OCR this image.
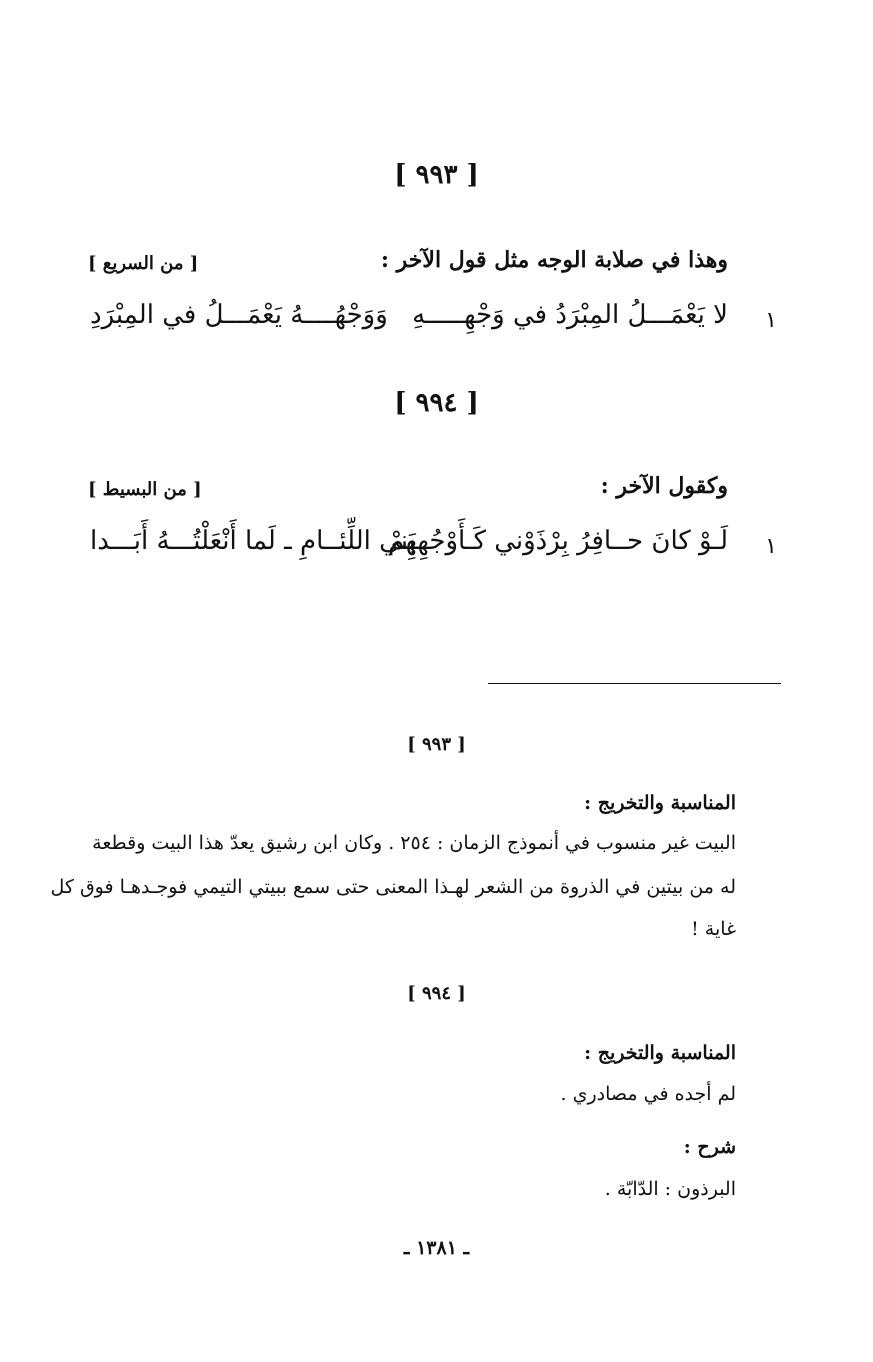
[ ٩٩٣ ]
وهذا في صلابة الوجه مثل قول الآخر :
[ من السريع ]
١
لا يَعْمَـــلُ المِبْرَدُ في وَجْهِـــــهِ
وَوَجْهُــــهُ يَعْمَـــلُ في المِبْرَدِ
[ ٩٩٤ ]
وكقول الآخر :
[ من البسيط ]
١
لَـوْ كانَ حــافِرُ بِرْذَوْني كَـأَوْجُهِهِمْ
ـبَني اللِّئــامِ ـ لَما أَنْعَلْتُـــهُ أَبَـــدا
[ ٩٩٣ ]
المناسبة والتخريج :
البيت غير منسوب في أنموذج الزمان : ٢٥٤ . وكان ابن رشيق يعدّ هذا البيت وقطعة
له من بيتين في الذروة من الشعر لهـذا المعنى حتى سمع ببيتي التيمي فوجـدهـا فوق كل
غاية !
[ ٩٩٤ ]
المناسبة والتخريج :
لم أجده في مصادري .
شرح :
البرذون : الدّابّة .
ـ ١٣٨١ ـ
